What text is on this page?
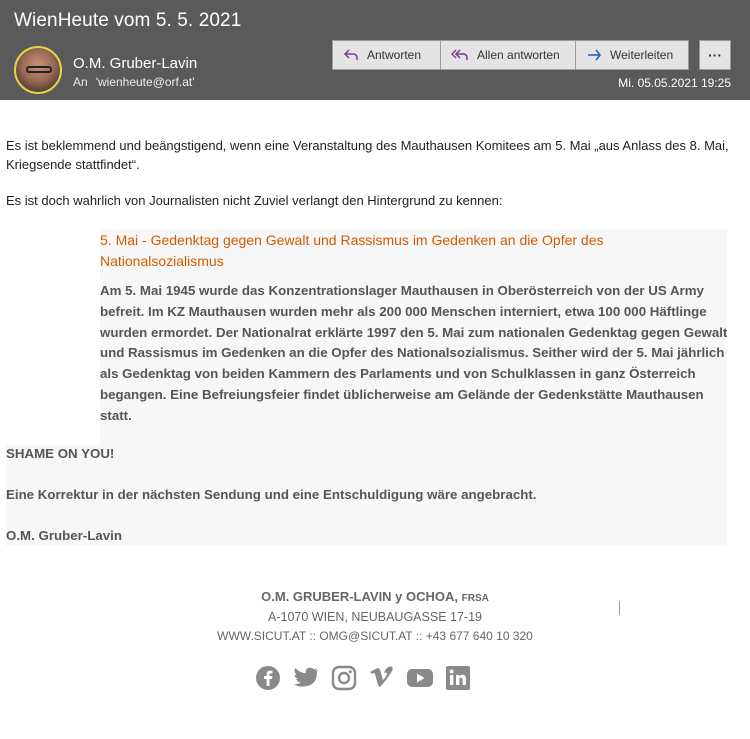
WienHeute vom 5. 5. 2021
O.M. Gruber-Lavin
An 'wienheute@orf.at'
Antworten	Allen antworten	Weiterleiten ···
Mi. 05.05.2021 19:25

Es ist beklemmend und beängstigend, wenn eine Veranstaltung des Mauthausen Komitees am 5. Mai „aus Anlass des 8. Mai, Kriegsende stattfindet“.

Es ist doch wahrlich von Journalisten nicht Zuviel verlangt den Hintergrund zu kennen:

5. Mai - Gedenktag gegen Gewalt und Rassismus im Gedenken an die Opfer des Nationalsozialismus
Am 5. Mai 1945 wurde das Konzentrationslager Mauthausen in Oberösterreich von der US Army befreit. Im KZ Mauthausen wurden mehr als 200 000 Menschen interniert, etwa 100 000 Häftlinge wurden ermordet. Der Nationalrat erklärte 1997 den 5. Mai zum nationalen Gedenktag gegen Gewalt und Rassismus im Gedenken an die Opfer des Nationalsozialismus. Seither wird der 5. Mai jährlich als Gedenktag von beiden Kammern des Parlaments und von Schulklassen in ganz Österreich begangen. Eine Befreiungsfeier findet üblicherweise am Gelände der Gedenkstätte Mauthausen statt.
SHAME ON YOU!
Eine Korrektur in der nächsten Sendung und eine Entschuldigung wäre angebracht.
O.M. Gruber-Lavin
O.M. GRUBER-LAVIN y OCHOA, FRSA
A-1070 WIEN, NEUBAUGASSE 17-19
WWW.SICUT.AT :: OMG@SICUT.AT :: +43 677 640 10 320
